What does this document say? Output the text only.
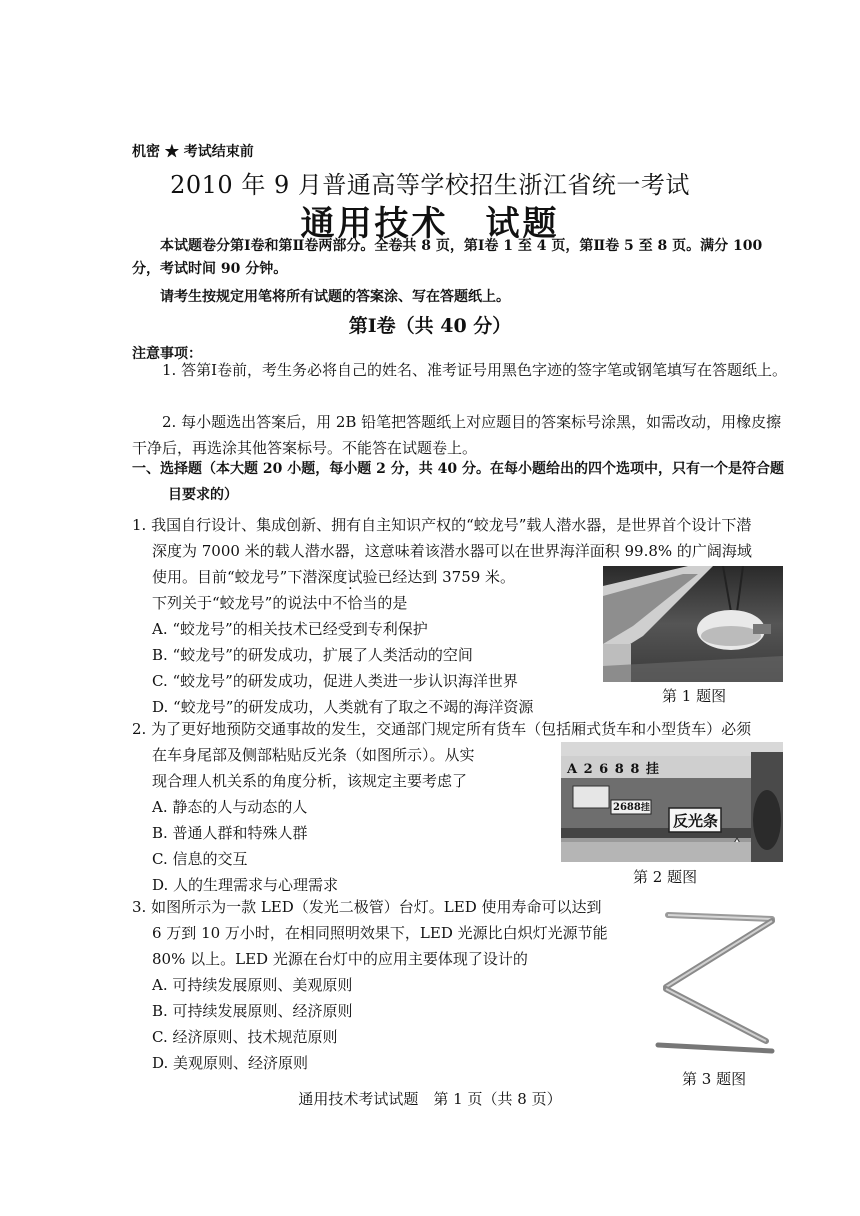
机密 ★ 考试结束前
2010 年 9 月普通高等学校招生浙江省统一考试
通用技术　试题
本试题卷分第Ⅰ卷和第Ⅱ卷两部分。全卷共 8 页，第Ⅰ卷 1 至 4 页，第Ⅱ卷 5 至 8 页。满分 100 分，考试时间 90 分钟。
请考生按规定用笔将所有试题的答案涂、写在答题纸上。
第Ⅰ卷（共 40 分）
注意事项：
1. 答第Ⅰ卷前，考生务必将自己的姓名、准考证号用黑色字迹的签字笔或钢笔填写在答题纸上。
2. 每小题选出答案后，用 2B 铅笔把答题纸上对应题目的答案标号涂黑，如需改动，用橡皮擦干净后，再选涂其他答案标号。不能答在试题卷上。
一、选择题（本大题 20 小题，每小题 2 分，共 40 分。在每小题给出的四个选项中，只有一个是符合题目要求的）
1. 我国自行设计、集成创新、拥有自主知识产权的“蛟龙号”载人潜水器，是世界首个设计下潜
深度为 7000 米的载人潜水器，这意味着该潜水器可以在世界海洋面积 99.8% 的广阔海域
使用。目前“蛟龙号”下潜深度试验已经达到 3759 米。
下列关于“蛟龙号”的说法中不恰当的是
A. “蛟龙号”的相关技术已经受到专利保护
B. “蛟龙号”的研发成功，扩展了人类活动的空间
C. “蛟龙号”的研发成功，促进人类进一步认识海洋世界
D. “蛟龙号”的研发成功，人类就有了取之不竭的海洋资源
第 1 题图
2. 为了更好地预防交通事故的发生，交通部门规定所有货车（包括厢式货车和小型货车）必须
在车身尾部及侧部粘贴反光条（如图所示）。从实
现合理人机关系的角度分析，该规定主要考虑了
A. 静态的人与动态的人
B. 普通人群和特殊人群
C. 信息的交互
D. 人的生理需求与心理需求
A 2 6 8 8 挂
2688挂
反光条
第 2 题图
3. 如图所示为一款 LED（发光二极管）台灯。LED 使用寿命可以达到
6 万到 10 万小时，在相同照明效果下，LED 光源比白炽灯光源节能
80% 以上。LED 光源在台灯中的应用主要体现了设计的
A. 可持续发展原则、美观原则
B. 可持续发展原则、经济原则
C. 经济原则、技术规范原则
D. 美观原则、经济原则
第 3 题图
通用技术考试试题　第 1 页（共 8 页）
